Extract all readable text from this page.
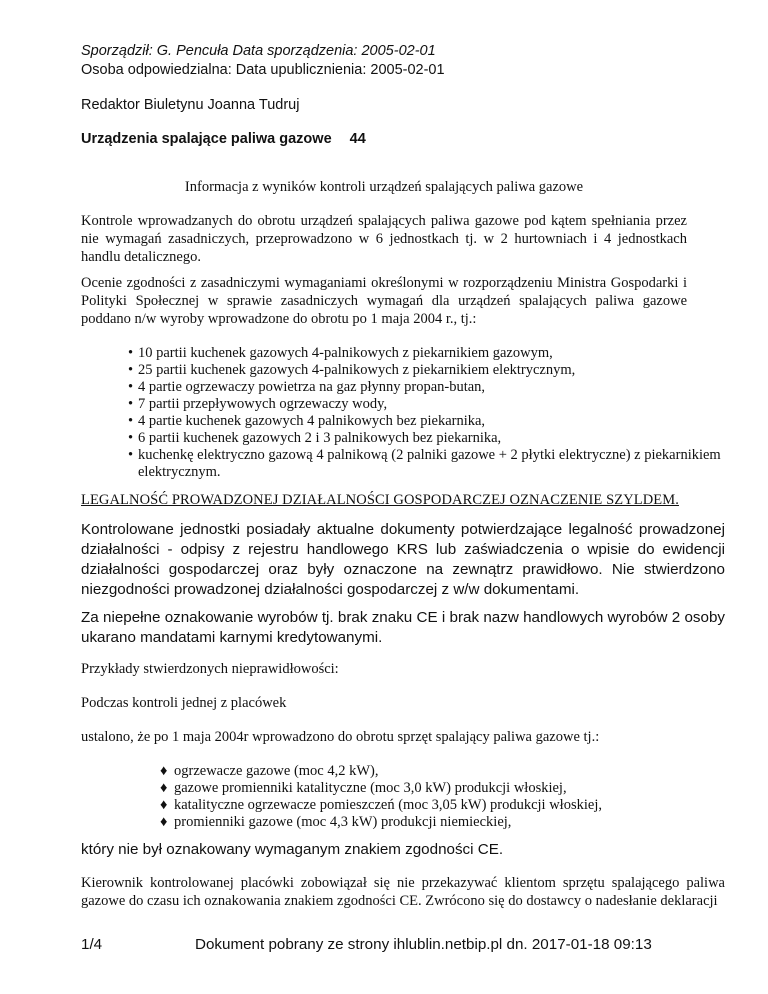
Sporządził: G. Pencuła Data sporządzenia: 2005-02-01
Osoba odpowiedzialna: Data upublicznienia: 2005-02-01
Redaktor Biuletynu Joanna Tudruj
Urządzenia spalające paliwa gazowe 44
Informacja z wyników kontroli urządzeń spalających paliwa gazowe
Kontrole wprowadzanych do obrotu urządzeń spalających paliwa gazowe pod kątem spełniania przez nie wymagań zasadniczych, przeprowadzono w 6 jednostkach tj. w 2 hurtowniach i 4 jednostkach handlu detalicznego.
Ocenie zgodności z zasadniczymi wymaganiami określonymi w rozporządzeniu Ministra Gospodarki i Polityki Społecznej w sprawie zasadniczych wymagań dla urządzeń spalających paliwa gazowe poddano n/w wyroby wprowadzone do obrotu po 1 maja 2004 r., tj.:
• 10 partii kuchenek gazowych 4-palnikowych z piekarnikiem gazowym,
• 25 partii kuchenek gazowych 4-palnikowych z piekarnikiem elektrycznym,
• 4 partie ogrzewaczy powietrza na gaz płynny propan-butan,
• 7 partii przepływowych ogrzewaczy wody,
• 4 partie kuchenek gazowych 4 palnikowych bez piekarnika,
• 6 partii kuchenek gazowych 2 i 3 palnikowych bez piekarnika,
• kuchenkę elektryczno gazową 4 palnikową (2 palniki gazowe + 2 płytki elektryczne) z piekarnikiem elektrycznym.
LEGALNOŚĆ PROWADZONEJ DZIAŁALNOŚCI GOSPODARCZEJ OZNACZENIE SZYLDEM.
Kontrolowane jednostki posiadały aktualne dokumenty potwierdzające legalność prowadzonej działalności - odpisy z rejestru handlowego KRS lub zaświadczenia o wpisie do ewidencji działalności gospodarczej oraz były oznaczone na zewnątrz prawidłowo. Nie stwierdzono niezgodności prowadzonej działalności gospodarczej z w/w dokumentami.
Za niepełne oznakowanie wyrobów tj. brak znaku CE i brak nazw handlowych wyrobów 2 osoby ukarano mandatami karnymi kredytowanymi.
Przykłady stwierdzonych nieprawidłowości:
Podczas kontroli jednej z placówek
ustalono, że po 1 maja 2004r wprowadzono do obrotu sprzęt spalający paliwa gazowe tj.:
♦ ogrzewacze gazowe (moc 4,2 kW),
♦ gazowe promienniki katalityczne (moc 3,0 kW) produkcji włoskiej,
♦ katalityczne ogrzewacze pomieszczeń (moc 3,05 kW) produkcji włoskiej,
♦ promienniki gazowe (moc 4,3 kW) produkcji niemieckiej,
który nie był oznakowany wymaganym znakiem zgodności CE.
Kierownik kontrolowanej placówki zobowiązał się nie przekazywać klientom sprzętu spalającego paliwa gazowe do czasu ich oznakowania znakiem zgodności CE. Zwrócono się do dostawcy o nadesłanie deklaracji
1/4	Dokument pobrany ze strony ihlublin.netbip.pl dn. 2017-01-18 09:13
